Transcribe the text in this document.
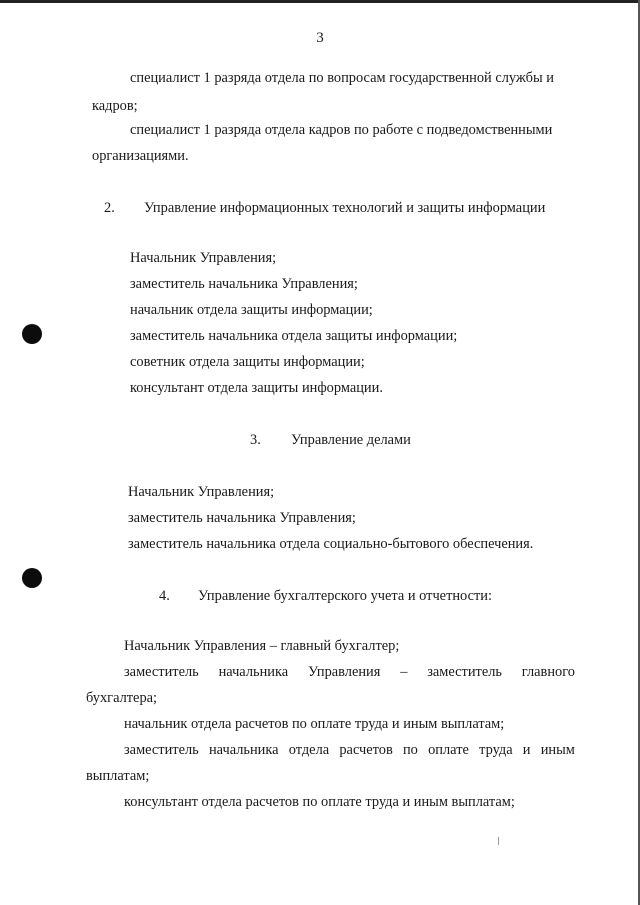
3

специалист 1 разряда отдела по вопросам государственной службы и

кадров;

специалист 1 разряда отдела кадров по работе с подведомственными

организациями.

2. Управление информационных технологий и защиты информации

Начальник Управления;

заместитель начальника Управления;

начальник отдела защиты информации;

заместитель начальника отдела защиты информации;

советник отдела защиты информации;

консультант отдела защиты информации.

3. Управление делами

Начальник Управления;

заместитель начальника Управления;

заместитель начальника отдела социально-бытового обеспечения.

4. Управление бухгалтерского учета и отчетности:

Начальник Управления – главный бухгалтер;

заместитель начальника Управления – заместитель главного

бухгалтера;

начальник отдела расчетов по оплате труда и иным выплатам;

заместитель начальника отдела расчетов по оплате труда и иным

выплатам;

консультант отдела расчетов по оплате труда и иным выплатам;
